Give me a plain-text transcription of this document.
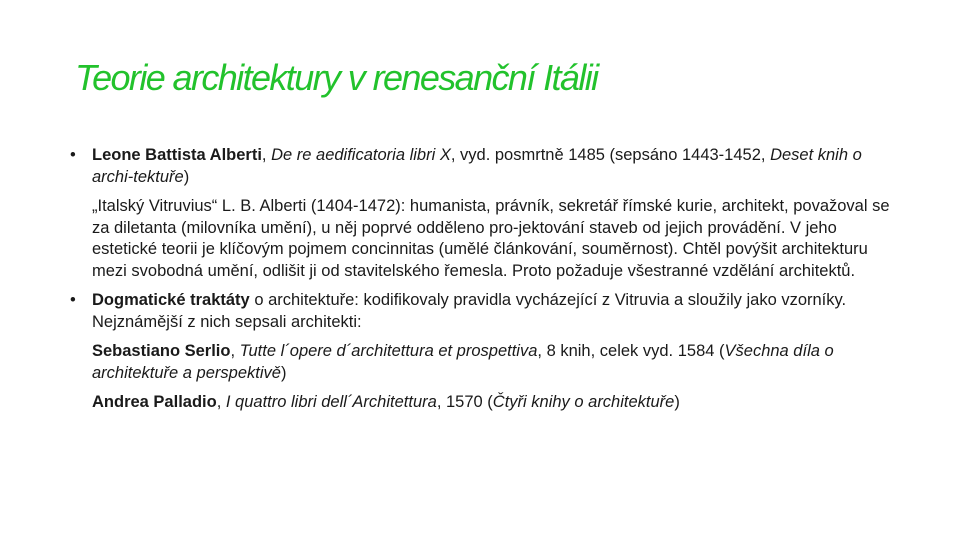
Teorie architektury v renesanční Itálii
• Leone Battista Alberti, De re aedificatoria libri X, vyd. posmrtně 1485 (sepsáno 1443-1452, Deset knih o archi-tektuře)
„Italský Vitruvius“ L. B. Alberti (1404-1472): humanista, právník, sekretář římské kurie, architekt, považoval se za diletanta (milovníka umění), u něj poprvé odděleno pro-jektování staveb od jejich provádění. V jeho estetické teorii je klíčovým pojmem concinnitas (umělé článkování, souměrnost). Chtěl povýšit architekturu mezi svobodná umění, odlišit ji od stavitelského řemesla. Proto požaduje všestranné vzdělání architektů.
• Dogmatické traktáty o architektuře: kodifikovaly pravidla vycházející z Vitruvia a sloužily jako vzorníky. Nejznámější z nich sepsali architekti:
Sebastiano Serlio, Tutte l´opere d´architettura et prospettiva, 8 knih, celek vyd. 1584 (Všechna díla o architektuře a perspektivě)
Andrea Palladio, I quattro libri dell´Architettura, 1570 (Čtyři knihy o architektuře)
